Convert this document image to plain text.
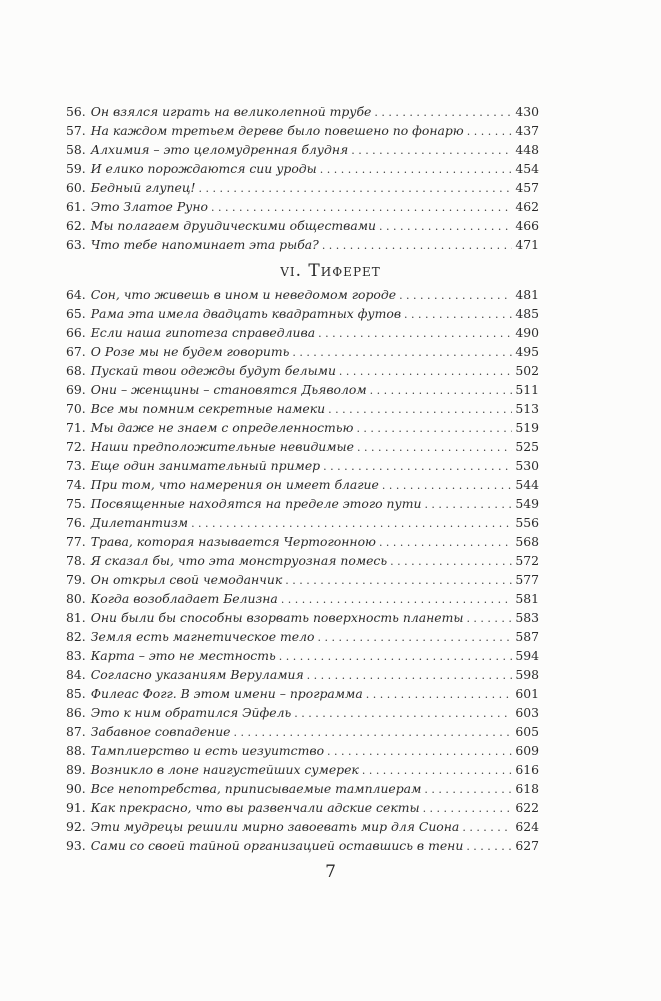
56. Он взялся играть на великолепной трубе . . .	430
57. На каждом третьем дереве было повешено по фонарю . . .	437
58. Алхимия – это целомудренная блудня . . .	448
59. И елико порождаются сии уроды . . .	454
60. Бедный глупец! . . .	457
61. Это Златое Руно . . .	462
62. Мы полагаем друидическими обществами . . .	466
63. Что тебе напоминает эта рыба? . . .	471
vi. Тиферет
64. Сон, что живешь в ином и неведомом городе . . .	481
65. Рама эта имела двадцать квадратных футов . . .	485
66. Если наша гипотеза справедлива . . .	490
67. О Розе мы не будем говорить . . .	495
68. Пускай твои одежды будут белыми . . .	502
69. Они – женщины – становятся Дьяволом . . .	511
70. Все мы помним секретные намеки . . .	513
71. Мы даже не знаем с определенностью . . .	519
72. Наши предположительные невидимые . . .	525
73. Еще один занимательный пример . . .	530
74. При том, что намерения он имеет благие . . .	544
75. Посвященные находятся на пределе этого пути . . .	549
76. Дилетантизм . . .	556
77. Трава, которая называется Чертогонною . . .	568
78. Я сказал бы, что эта монструозная помесь . . .	572
79. Он открыл свой чемоданчик . . .	577
80. Когда возобладает Белизна . . .	581
81. Они были бы способны взорвать поверхность планеты . . .	583
82. Земля есть магнетическое тело . . .	587
83. Карта – это не местность . . .	594
84. Согласно указаниям Веруламия . . .	598
85. Филеас Фогг. В этом имени – программа . . .	601
86. Это к ним обратился Эйфель . . .	603
87. Забавное совпадение . . .	605
88. Тамплиерство и есть иезуитство . . .	609
89. Возникло в лоне наигустейших сумерек . . .	616
90. Все непотребства, приписываемые тамплиерам . . .	618
91. Как прекрасно, что вы развенчали адские секты . . .	622
92. Эти мудрецы решили мирно завоевать мир для Сиона . . .	624
93. Сами со своей тайной организацией оставшись в тени . . .	627
7
